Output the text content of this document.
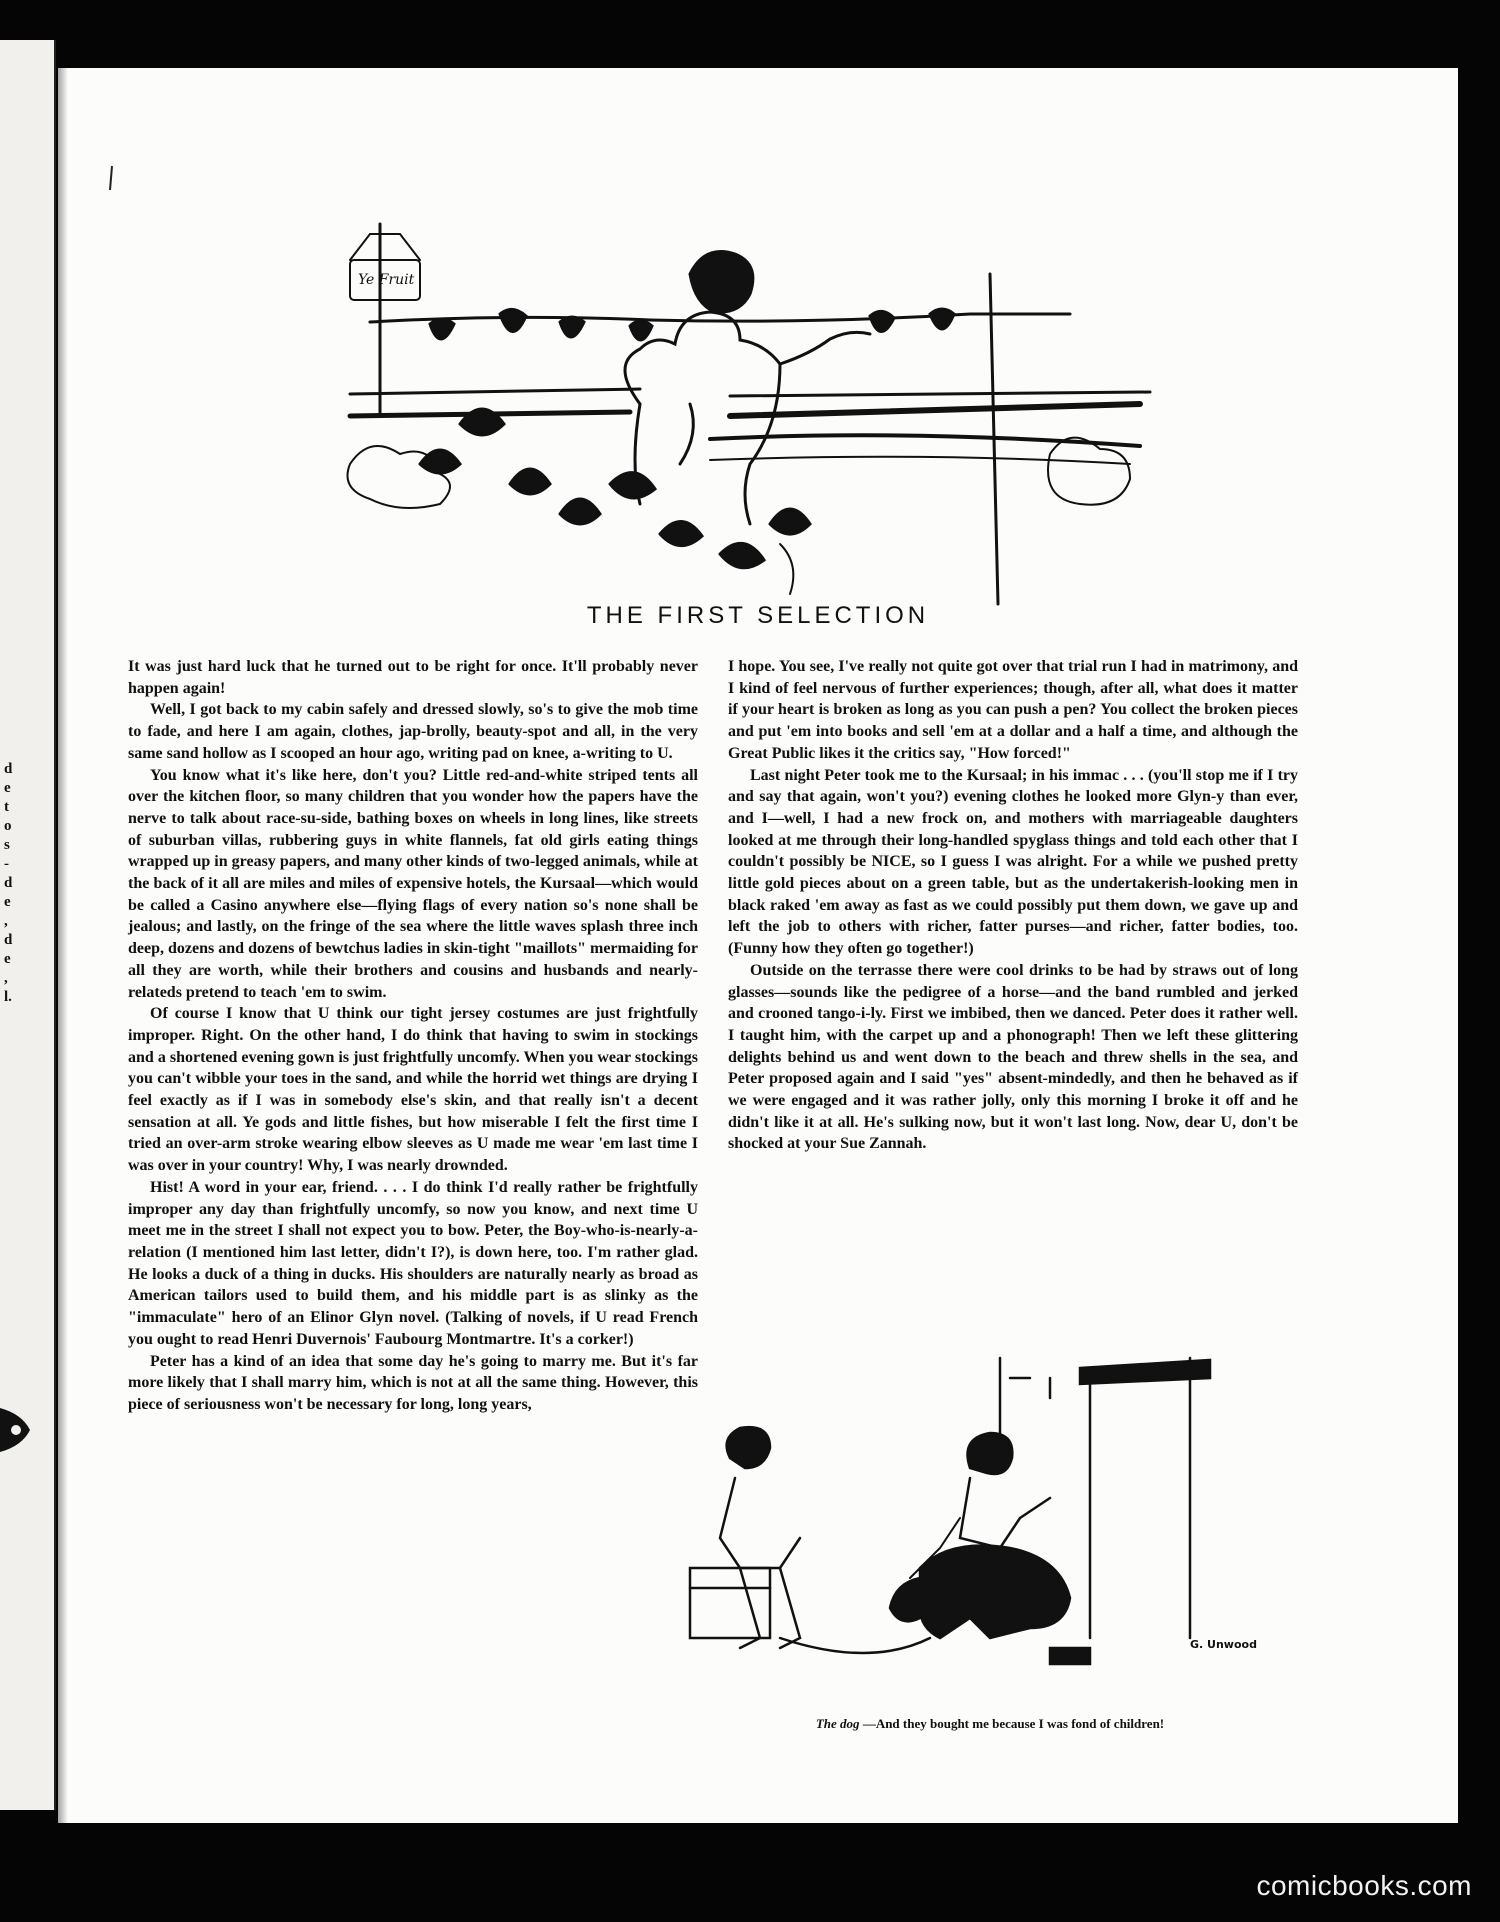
d
e
t
o
s
-
d
e
,
d
e
,
l.
Ye Fruit
THE FIRST SELECTION

It was just hard luck that he turned out to be right for once. It'll probably never happen again!

Well, I got back to my cabin safely and dressed slowly, so's to give the mob time to fade, and here I am again, clothes, jap-brolly, beauty-spot and all, in the very same sand hollow as I scooped an hour ago, writing pad on knee, a-writing to U.

You know what it's like here, don't you? Little red-and-white striped tents all over the kitchen floor, so many children that you wonder how the papers have the nerve to talk about race-su-side, bathing boxes on wheels in long lines, like streets of suburban villas, rubbering guys in white flannels, fat old girls eating things wrapped up in greasy papers, and many other kinds of two-legged animals, while at the back of it all are miles and miles of expensive hotels, the Kursaal—which would be called a Casino anywhere else—flying flags of every nation so's none shall be jealous; and lastly, on the fringe of the sea where the little waves splash three inch deep, dozens and dozens of bewtchus ladies in skin-tight "maillots" mermaiding for all they are worth, while their brothers and cousins and husbands and nearly-relateds pretend to teach 'em to swim.

Of course I know that U think our tight jersey costumes are just frightfully improper. Right. On the other hand, I do think that having to swim in stockings and a shortened evening gown is just frightfully uncomfy. When you wear stockings you can't wibble your toes in the sand, and while the horrid wet things are drying I feel exactly as if I was in somebody else's skin, and that really isn't a decent sensation at all. Ye gods and little fishes, but how miserable I felt the first time I tried an over-arm stroke wearing elbow sleeves as U made me wear 'em last time I was over in your country! Why, I was nearly drownded.

Hist! A word in your ear, friend. . . . I do think I'd really rather be frightfully improper any day than frightfully uncomfy, so now you know, and next time U meet me in the street I shall not expect you to bow. Peter, the Boy-who-is-nearly-a-relation (I mentioned him last letter, didn't I?), is down here, too. I'm rather glad. He looks a duck of a thing in ducks. His shoulders are naturally nearly as broad as American tailors used to build them, and his middle part is as slinky as the "immaculate" hero of an Elinor Glyn novel. (Talking of novels, if U read French you ought to read Henri Duvernois' Faubourg Montmartre. It's a corker!)

Peter has a kind of an idea that some day he's going to marry me. But it's far more likely that I shall marry him, which is not at all the same thing. However, this piece of seriousness won't be necessary for long, long years,

I hope. You see, I've really not quite got over that trial run I had in matrimony, and I kind of feel nervous of further experiences; though, after all, what does it matter if your heart is broken as long as you can push a pen? You collect the broken pieces and put 'em into books and sell 'em at a dollar and a half a time, and although the Great Public likes it the critics say, "How forced!"

Last night Peter took me to the Kursaal; in his immac . . . (you'll stop me if I try and say that again, won't you?) evening clothes he looked more Glyn-y than ever, and I—well, I had a new frock on, and mothers with marriageable daughters looked at me through their long-handled spyglass things and told each other that I couldn't possibly be NICE, so I guess I was alright. For a while we pushed pretty little gold pieces about on a green table, but as the undertakerish-looking men in black raked 'em away as fast as we could possibly put them down, we gave up and left the job to others with richer, fatter purses—and richer, fatter bodies, too. (Funny how they often go together!)

Outside on the terrasse there were cool drinks to be had by straws out of long glasses—sounds like the pedigree of a horse—and the band rumbled and jerked and crooned tango-i-ly. First we imbibed, then we danced. Peter does it rather well. I taught him, with the carpet up and a phonograph! Then we left these glittering delights behind us and went down to the beach and threw shells in the sea, and Peter proposed again and I said "yes" absent-mindedly, and then he behaved as if we were engaged and it was rather jolly, only this morning I broke it off and he didn't like it at all. He's sulking now, but it won't last long. Now, dear U, don't be shocked at your Sue Zannah.

G. Unwood
The dog —And they bought me because I was fond of children!
comicbooks.com
